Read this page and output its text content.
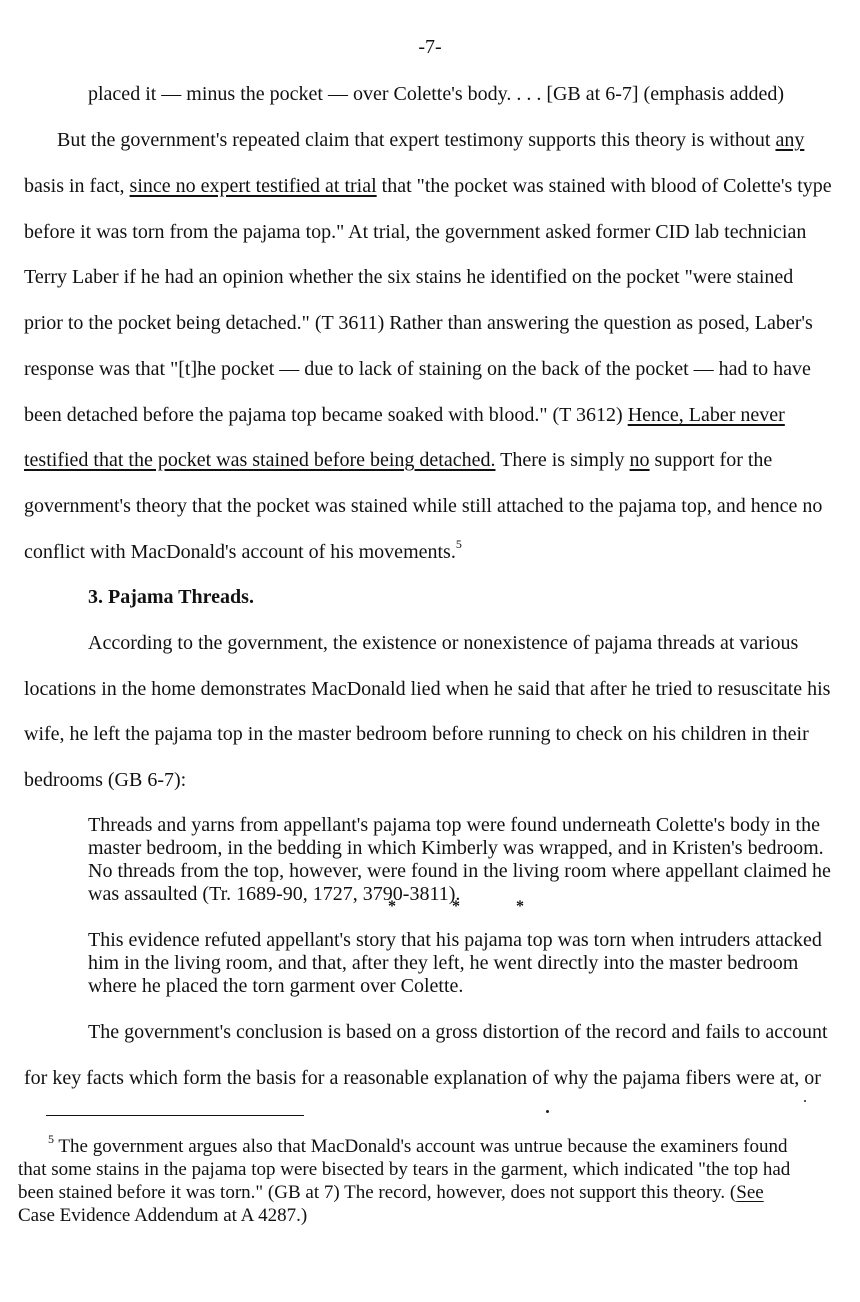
-7-
placed it — minus the pocket — over Colette's body. . . . [GB at 6-7] (emphasis added)
But the government's repeated claim that expert testimony supports this theory is without any
basis in fact, since no expert testified at trial that "the pocket was stained with blood of Colette's type
before it was torn from the pajama top." At trial, the government asked former CID lab technician
Terry Laber if he had an opinion whether the six stains he identified on the pocket "were stained
prior to the pocket being detached." (T 3611) Rather than answering the question as posed, Laber's
response was that "[t]he pocket — due to lack of staining on the back of the pocket — had to have
been detached before the pajama top became soaked with blood." (T 3612) Hence, Laber never
testified that the pocket was stained before being detached. There is simply no support for the
government's theory that the pocket was stained while still attached to the pajama top, and hence no
conflict with MacDonald's account of his movements.$^5$
3. Pajama Threads.
According to the government, the existence or nonexistence of pajama threads at various
locations in the home demonstrates MacDonald lied when he said that after he tried to resuscitate his
wife, he left the pajama top in the master bedroom before running to check on his children in their
bedrooms (GB 6-7):
Threads and yarns from appellant's pajama top were found underneath Colette's body in the
master bedroom, in the bedding in which Kimberly was wrapped, and in Kristen's bedroom.
No threads from the top, however, were found in the living room where appellant claimed he
was assaulted (Tr. 1689-90, 1727, 3790-3811).
* * *
This evidence refuted appellant's story that his pajama top was torn when intruders attacked
him in the living room, and that, after they left, he went directly into the master bedroom
where he placed the torn garment over Colette.
The government's conclusion is based on a gross distortion of the record and fails to account
for key facts which form the basis for a reasonable explanation of why the pajama fibers were at, or
$^5$ The government argues also that MacDonald's account was untrue because the examiners found
that some stains in the pajama top were bisected by tears in the garment, which indicated "the top had
been stained before it was torn." (GB at 7) The record, however, does not support this theory. (See
Case Evidence Addendum at A 4287.)
